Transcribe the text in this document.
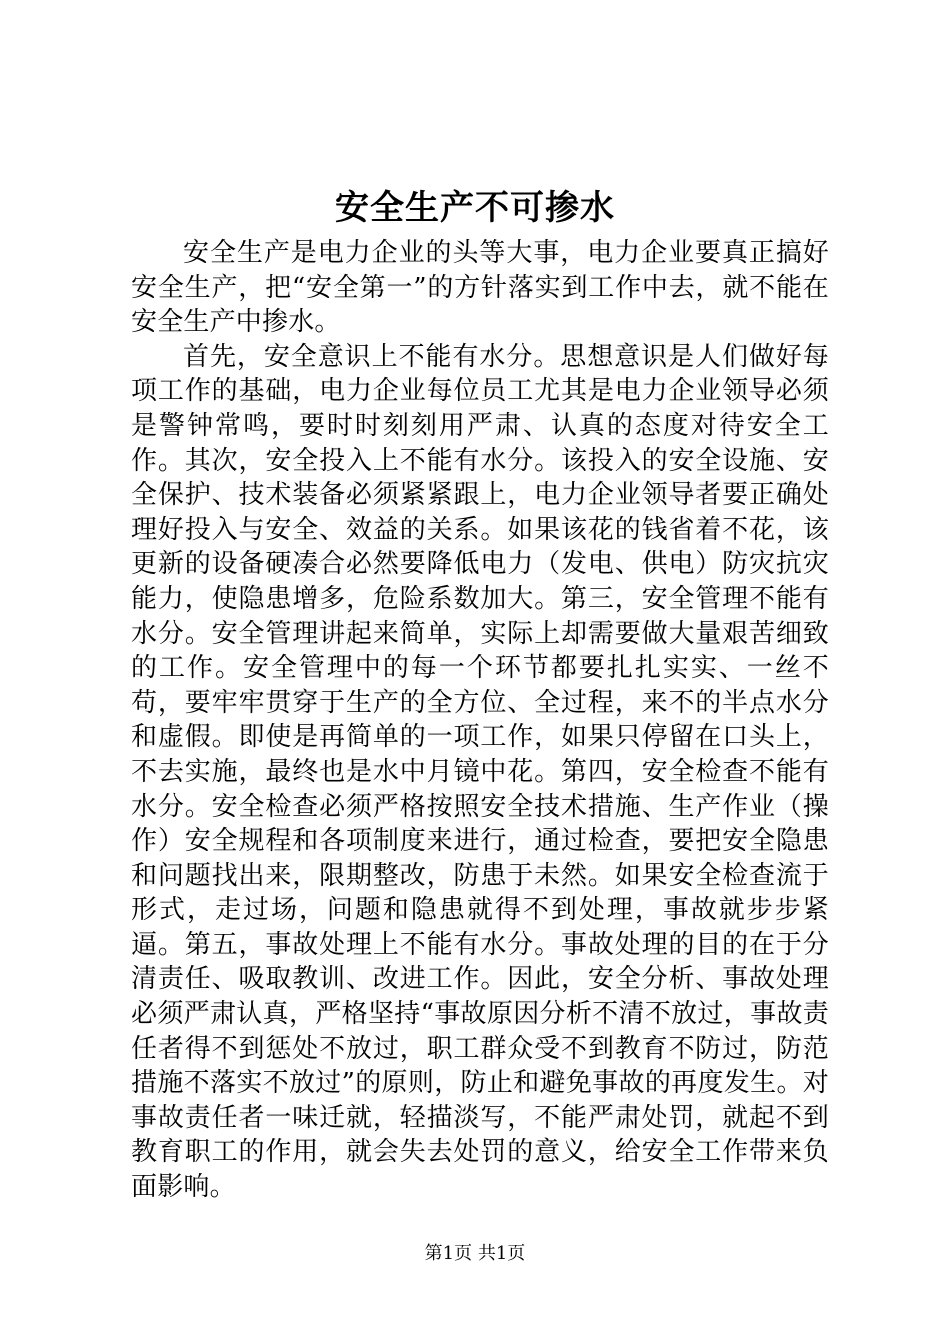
安全生产不可掺水

安全生产是电力企业的头等大事，电力企业要真正搞好安全生产，把“安全第一”的方针落实到工作中去，就不能在安全生产中掺水。

首先，安全意识上不能有水分。思想意识是人们做好每项工作的基础，电力企业每位员工尤其是电力企业领导必须是警钟常鸣，要时时刻刻用严肃、认真的态度对待安全工作。其次，安全投入上不能有水分。该投入的安全设施、安全保护、技术装备必须紧紧跟上，电力企业领导者要正确处理好投入与安全、效益的关系。如果该花的钱省着不花，该更新的设备硬凑合必然要降低电力（发电、供电）防灾抗灾能力，使隐患增多，危险系数加大。第三，安全管理不能有水分。安全管理讲起来简单，实际上却需要做大量艰苦细致的工作。安全管理中的每一个环节都要扎扎实实、一丝不苟，要牢牢贯穿于生产的全方位、全过程，来不的半点水分和虚假。即使是再简单的一项工作，如果只停留在口头上，不去实施，最终也是水中月镜中花。第四，安全检查不能有水分。安全检查必须严格按照安全技术措施、生产作业（操作）安全规程和各项制度来进行，通过检查，要把安全隐患和问题找出来，限期整改，防患于未然。如果安全检查流于形式，走过场，问题和隐患就得不到处理，事故就步步紧逼。第五，事故处理上不能有水分。事故处理的目的在于分清责任、吸取教训、改进工作。因此，安全分析、事故处理必须严肃认真，严格坚持“事故原因分析不清不放过，事故责任者得不到惩处不放过，职工群众受不到教育不防过，防范措施不落实不放过”的原则，防止和避免事故的再度发生。对事故责任者一味迁就，轻描淡写，不能严肃处罚，就起不到教育职工的作用，就会失去处罚的意义，给安全工作带来负面影响。

第1页 共1页
